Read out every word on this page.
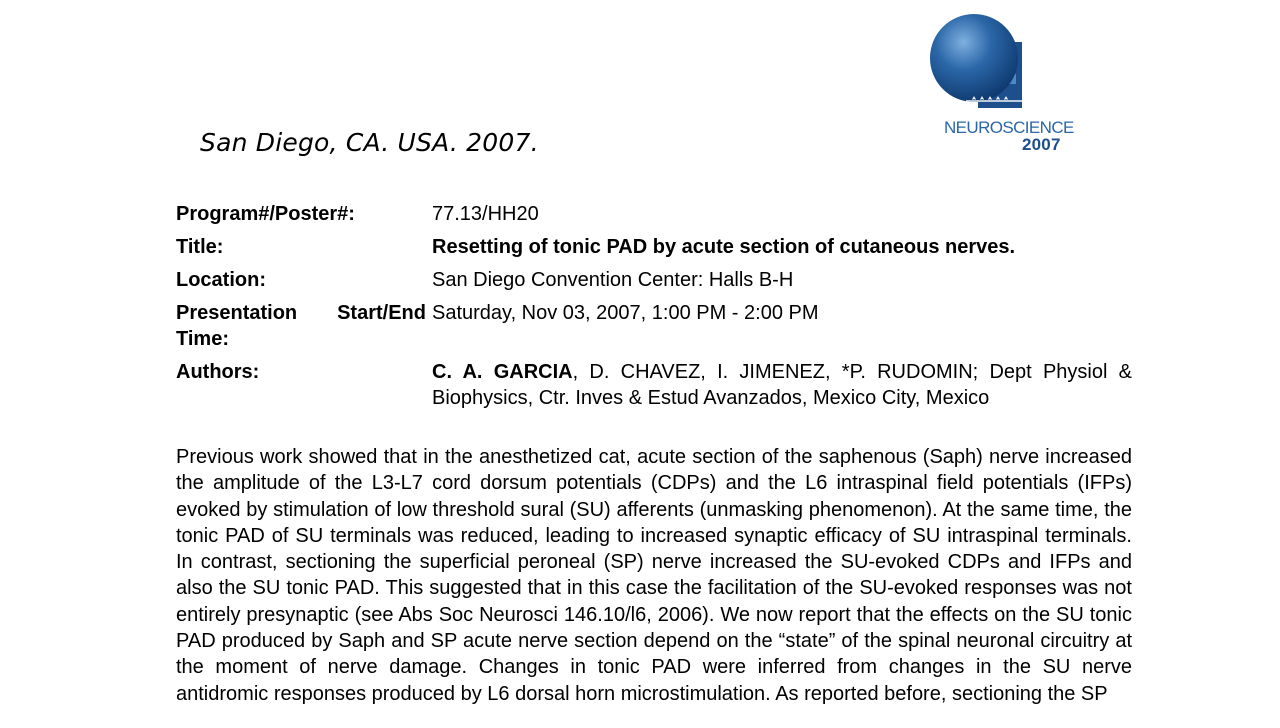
San Diego, CA. USA. 2007.
NEUROSCIENCE
2007
Program#/Poster#:	77.13/HH20
Title:	Resetting of tonic PAD by acute section of cutaneous nerves.
Location:	San Diego Convention Center: Halls B-H
Presentation Start/End Time:
Saturday, Nov 03, 2007, 1:00 PM - 2:00 PM
Authors:	C. A. GARCIA, D. CHAVEZ, I. JIMENEZ, *P. RUDOMIN; Dept Physiol & Biophysics, Ctr. Inves & Estud Avanzados, Mexico City, Mexico
Previous work showed that in the anesthetized cat, acute section of the saphenous (Saph) nerve increased the amplitude of the L3-L7 cord dorsum potentials (CDPs) and the L6 intraspinal field potentials (IFPs) evoked by stimulation of low threshold sural (SU) afferents (unmasking phenomenon). At the same time, the tonic PAD of SU terminals was reduced, leading to increased synaptic efficacy of SU intraspinal terminals. In contrast, sectioning the superficial peroneal (SP) nerve increased the SU-evoked CDPs and IFPs and also the SU tonic PAD. This suggested that in this case the facilitation of the SU-evoked responses was not entirely presynaptic (see Abs Soc Neurosci 146.10/l6, 2006). We now report that the effects on the SU tonic PAD produced by Saph and SP acute nerve section depend on the “state” of the spinal neuronal circuitry at the moment of nerve damage. Changes in tonic PAD were inferred from changes in the SU nerve antidromic responses produced by L6 dorsal horn microstimulation. As reported before, sectioning the SP
